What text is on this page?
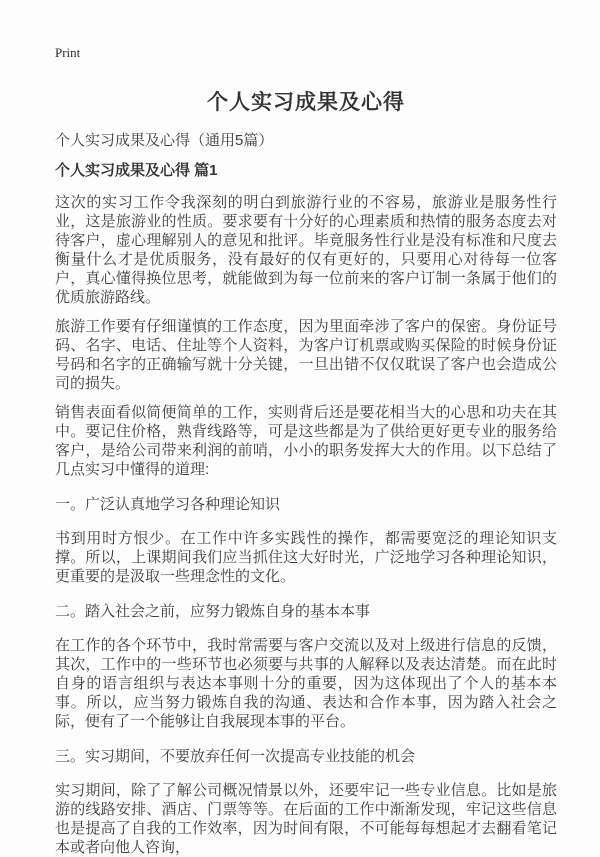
Print
个人实习成果及心得

个人实习成果及心得（通用5篇）

个人实习成果及心得 篇1

这次的实习工作令我深刻的明白到旅游行业的不容易，旅游业是服务性行业，这是旅游业的性质。要求要有十分好的心理素质和热情的服务态度去对待客户，虚心理解别人的意见和批评。毕竟服务性行业是没有标准和尺度去衡量什么才是优质服务，没有最好的仅有更好的，只要用心对待每一位客户，真心懂得换位思考，就能做到为每一位前来的客户订制一条属于他们的优质旅游路线。

旅游工作要有仔细谨慎的工作态度，因为里面牵涉了客户的保密。身份证号码、名字、电话、住址等个人资料，为客户订机票或购买保险的时候身份证号码和名字的正确输写就十分关键，一旦出错不仅仅耽误了客户也会造成公司的损失。

销售表面看似简便简单的工作，实则背后还是要花相当大的心思和功夫在其中。要记住价格，熟背线路等，可是这些都是为了供给更好更专业的服务给客户，是给公司带来利润的前哨，小小的职务发挥大大的作用。以下总结了几点实习中懂得的道理:

一。广泛认真地学习各种理论知识

书到用时方恨少。在工作中许多实践性的操作，都需要宽泛的理论知识支撑。所以，上课期间我们应当抓住这大好时光，广泛地学习各种理论知识，更重要的是汲取一些理念性的文化。

二。踏入社会之前，应努力锻炼自身的基本本事

在工作的各个环节中，我时常需要与客户交流以及对上级进行信息的反馈，其次，工作中的一些环节也必须要与共事的人解释以及表达清楚。而在此时自身的语言组织与表达本事则十分的重要，因为这体现出了个人的基本本事。所以，应当努力锻炼自我的沟通、表达和合作本事，因为踏入社会之际，便有了一个能够让自我展现本事的平台。

三。实习期间，不要放弃任何一次提高专业技能的机会

实习期间，除了了解公司概况情景以外，还要牢记一些专业信息。比如是旅游的线路安排、酒店、门票等等。在后面的工作中渐渐发现，牢记这些信息也是提高了自我的工作效率，因为时间有限，不可能每每想起才去翻看笔记本或者向他人咨询，
